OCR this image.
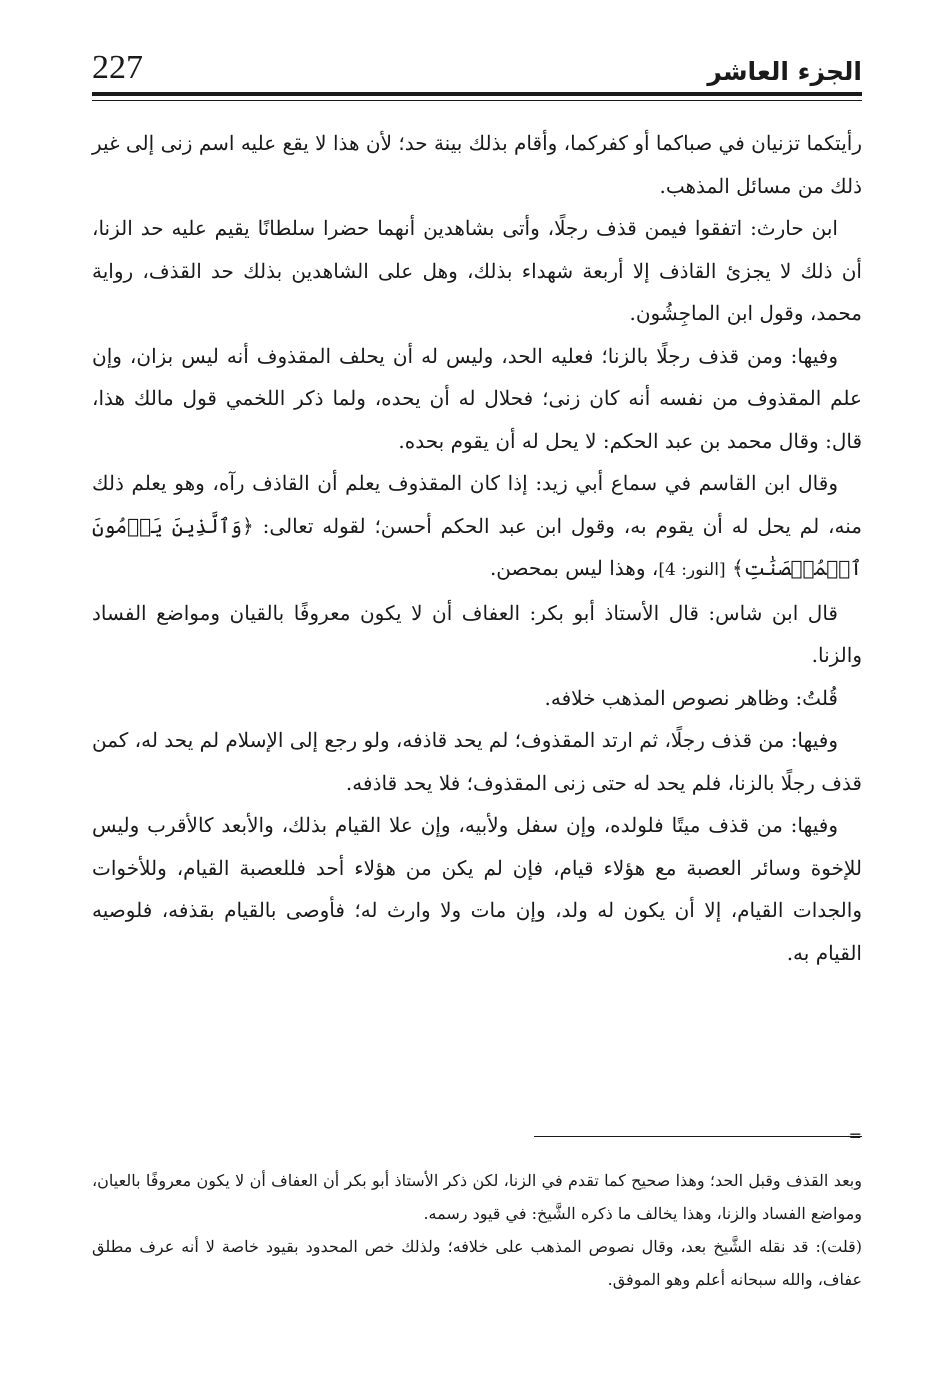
227	الجزء العاشر

رأيتكما تزنيان في صباكما أو كفركما، وأقام بذلك بينة حد؛ لأن هذا لا يقع عليه اسم زنى إلى غير ذلك من مسائل المذهب.

ابن حارث: اتفقوا فيمن قذف رجلًا، وأتى بشاهدين أنهما حضرا سلطانًا يقيم عليه حد الزنا، أن ذلك لا يجزئ القاذف إلا أربعة شهداء بذلك، وهل على الشاهدين بذلك حد القذف، رواية محمد، وقول ابن الماجِشُون.

وفيها: ومن قذف رجلًا بالزنا؛ فعليه الحد، وليس له أن يحلف المقذوف أنه ليس بزان، وإن علم المقذوف من نفسه أنه كان زنى؛ فحلال له أن يحده، ولما ذكر اللخمي قول مالك هذا، قال: وقال محمد بن عبد الحكم: لا يحل له أن يقوم بحده.

وقال ابن القاسم في سماع أبي زيد: إذا كان المقذوف يعلم أن القاذف رآه، وهو يعلم ذلك منه، لم يحل له أن يقوم به، وقول ابن عبد الحكم أحسن؛ لقوله تعالى: ﴿وَٱلَّذِينَ يَرۡمُونَ ٱلۡمُحۡصَنَٰتِ﴾ [النور: 4]، وهذا ليس بمحصن.

قال ابن شاس: قال الأستاذ أبو بكر: العفاف أن لا يكون معروفًا بالقيان ومواضع الفساد والزنا.

قُلتُ: وظاهر نصوص المذهب خلافه.

وفيها: من قذف رجلًا، ثم ارتد المقذوف؛ لم يحد قاذفه، ولو رجع إلى الإسلام لم يحد له، كمن قذف رجلًا بالزنا، فلم يحد له حتى زنى المقذوف؛ فلا يحد قاذفه.

وفيها: من قذف ميتًا فلولده، وإن سفل ولأبيه، وإن علا القيام بذلك، والأبعد كالأقرب وليس للإخوة وسائر العصبة مع هؤلاء قيام، فإن لم يكن من هؤلاء أحد فللعصبة القيام، وللأخوات والجدات القيام، إلا أن يكون له ولد، وإن مات ولا وارث له؛ فأوصى بالقيام بقذفه، فلوصيه القيام به.

=

وبعد القذف وقبل الحد؛ وهذا صحيح كما تقدم في الزنا، لكن ذكر الأستاذ أبو بكر أن العفاف أن لا يكون معروفًا بالعيان، ومواضع الفساد والزنا، وهذا يخالف ما ذكره الشَّيخ: في قيود رسمه.

(قلت): قد نقله الشَّيخ بعد، وقال نصوص المذهب على خلافه؛ ولذلك خص المحدود بقيود خاصة لا أنه عرف مطلق عفاف، والله سبحانه أعلم وهو الموفق.
